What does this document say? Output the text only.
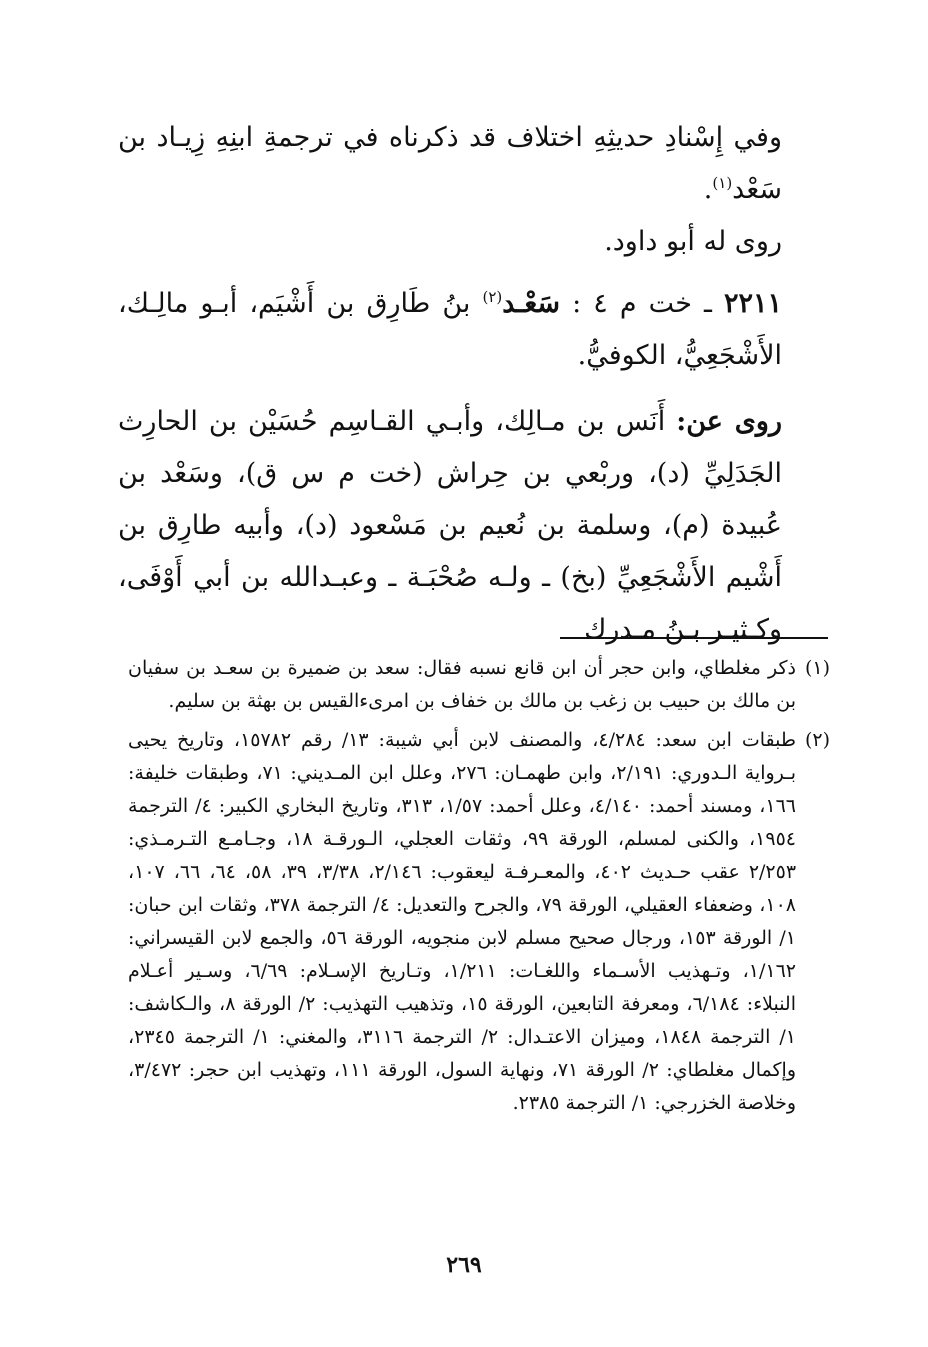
وفي إِسْنادِ حديثِهِ اختلاف قد ذكرناه في ترجمةِ ابنِهِ زِيـاد بن سَعْد$^{(١)}$.

روى له أبو داود.

٢٢١١ ـ خت م ٤ : سَعْـد$^{(٢)}$ بنُ طَارِق بن أَشْيَم، أبـو مالِـك، الأَشْجَعِيُّ، الكوفيُّ.

روى عن: أَنَس بن مـالِك، وأبـي القـاسِم حُسَيْن بن الحارِث الجَدَلِيِّ (د)، وربْعي بن حِراش (خت م س ق)، وسَعْد بن عُبيدة (م)، وسلمة بن نُعيم بن مَسْعود (د)، وأبيه طارِق بن أَشْيم الأَشْجَعِيِّ (بخ) ـ ولـه صُحْبَـة ـ وعبـدالله بن أبي أَوْفَى، وكـثيـر بـنُ مـدرك

(١)
ذكر مغلطاي، وابن حجر أن ابن قانع نسبه فقال: سعد بن ضميرة بن سعـد بن سفيان بن مالك بن حبيب بن زغب بن مالك بن خفاف بن امرىءالقيس بن بهثة بن سليم.

(٢)
طبقات ابن سعد: ٤/٢٨٤، والمصنف لابن أبي شيبة: ١٣/ رقم ١٥٧٨٢، وتاريخ يحيى بـرواية الـدوري: ٢/١٩١، وابن طهمـان: ٢٧٦، وعلل ابن المـديني: ٧١، وطبقات خليفة: ١٦٦، ومسند أحمد: ٤/١٤٠، وعلل أحمد: ١/٥٧، ٣١٣، وتاريخ البخاري الكبير: ٤/ الترجمة ١٩٥٤، والكنى لمسلم، الورقة ٩٩، وثقات العجلي، الـورقـة ١٨، وجـامـع التـرمـذي: ٢/٢٥٣ عقب حـديث ٤٠٢، والمعـرفـة ليعقوب: ٢/١٤٦، ٣/٣٨، ٣٩، ٥٨، ٦٤، ٦٦، ١٠٧، ١٠٨، وضعفاء العقيلي، الورقة ٧٩، والجرح والتعديل: ٤/ الترجمة ٣٧٨، وثقات ابن حبان: ١/ الورقة ١٥٣، ورجال صحيح مسلم لابن منجويه، الورقة ٥٦، والجمع لابن القيسراني: ١/١٦٢، وتـهذيب الأسـماء واللغـات: ١/٢١١، وتـاريخ الإسـلام: ٦/٦٩، وسـير أعـلام النبلاء: ٦/١٨٤، ومعرفة التابعين، الورقة ١٥، وتذهيب التهذيب: ٢/ الورقة ٨، والـكاشف: ١/ الترجمة ١٨٤٨، وميزان الاعتـدال: ٢/ الترجمة ٣١١٦، والمغني: ١/ الترجمة ٢٣٤٥، وإكمال مغلطاي: ٢/ الورقة ٧١، ونهاية السول، الورقة ١١١، وتهذيب ابن حجر: ٣/٤٧٢، وخلاصة الخزرجي: ١/ الترجمة ٢٣٨٥.

٢٦٩
